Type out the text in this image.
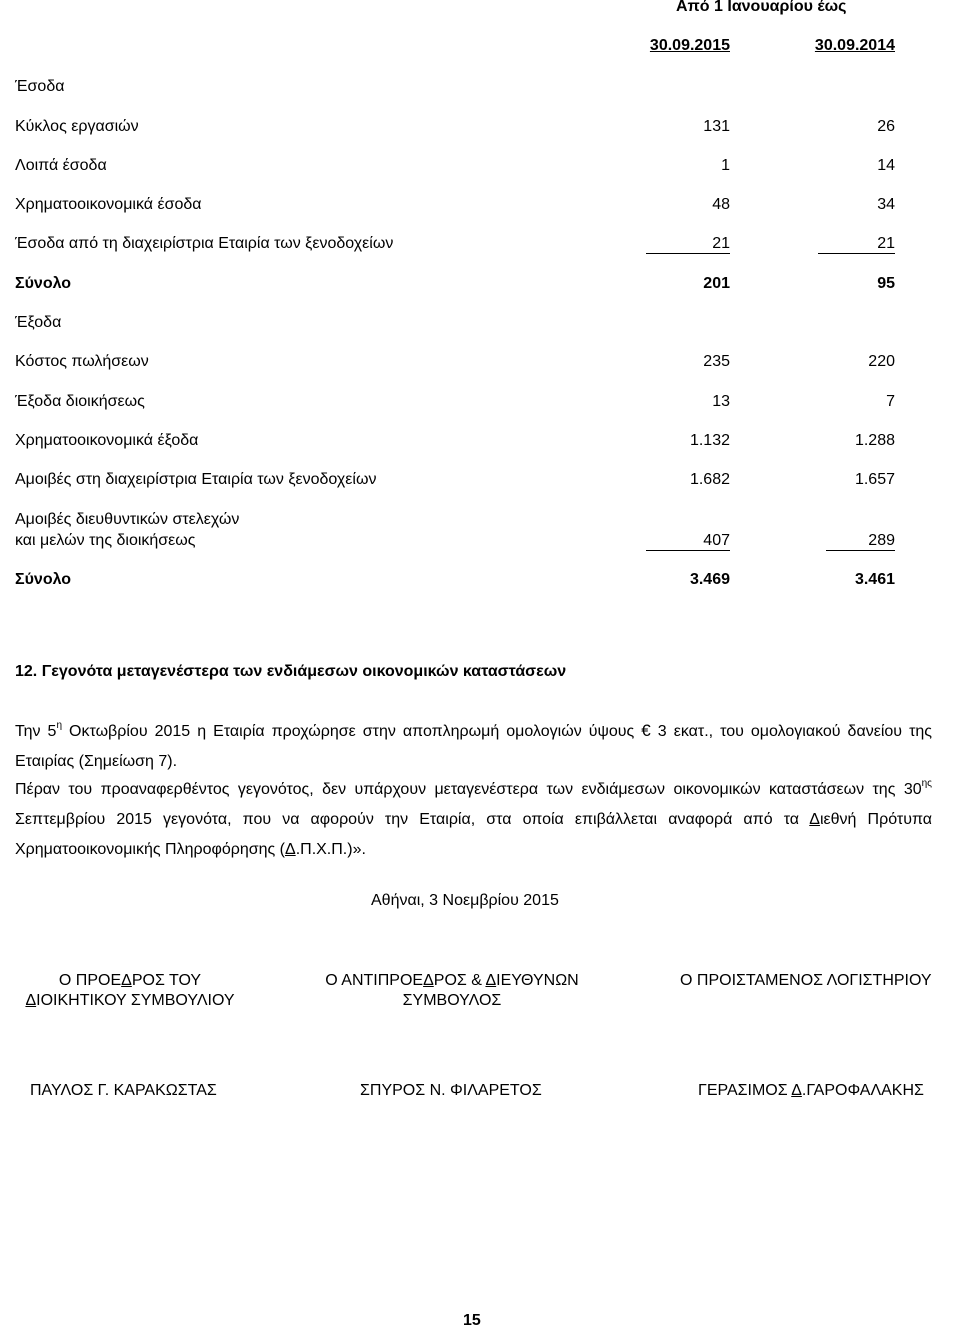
Από 1 Ιανουαρίου έως
30.09.2015	30.09.2014
Έσοδα
Κύκλος εργασιών	131	26
Λοιπά έσοδα	1	14
Χρηματοοικονομικά έσοδα	48	34
Έσοδα από τη διαχειρίστρια Εταιρία των ξενοδοχείων	21	21
Σύνολο	201	95
Έξοδα
Κόστος πωλήσεων	235	220
Έξοδα διοικήσεως	13	7
Χρηματοοικονομικά έξοδα	1.132	1.288
Αμοιβές στη διαχειρίστρια Εταιρία των ξενοδοχείων	1.682	1.657
Αμοιβές διευθυντικών στελεχών
και μελών της διοικήσεως	407	289
Σύνολο	3.469	3.461
12. Γεγονότα μεταγενέστερα των ενδιάμεσων οικονομικών καταστάσεων
Την $5^\eta$ Οκτωβρίου 2015 η Εταιρία προχώρησε στην αποπληρωμή ομολογιών ύψους € 3 εκατ., του ομολογιακού δανείου της Εταιρίας (Σημείωση 7).
Πέραν του προαναφερθέντος γεγονότος, δεν υπάρχουν μεταγενέστερα των ενδιάμεσων οικονομικών καταστάσεων της $30^{\eta\varsigma}$ Σεπτεμβρίου 2015 γεγονότα, που να αφορούν την Εταιρία, στα οποία επιβάλλεται αναφορά από τα Διεθνή Πρότυπα Χρηματοοικονομικής Πληροφόρησης (Δ.Π.Χ.Π.)».
Αθήναι, 3 Νοεμβρίου 2015
Ο ΠΡΟΕΔΡΟΣ ΤΟΥ
ΔΙΟΙΚΗΤΙΚΟΥ ΣΥΜΒΟΥΛΙΟΥ
Ο ΑΝΤΙΠΡΟΕΔΡΟΣ & ΔΙΕΥΘΥΝΩΝ
ΣΥΜΒΟΥΛΟΣ
Ο ΠΡΟΙΣΤΑΜΕΝΟΣ ΛΟΓΙΣΤΗΡΙΟΥ
ΠΑΥΛΟΣ Γ. ΚΑΡΑΚΩΣΤΑΣ	ΣΠΥΡΟΣ Ν. ΦΙΛΑΡΕΤΟΣ	ΓΕΡΑΣΙΜΟΣ Δ.ΓΑΡΟΦΑΛΑΚΗΣ
15
